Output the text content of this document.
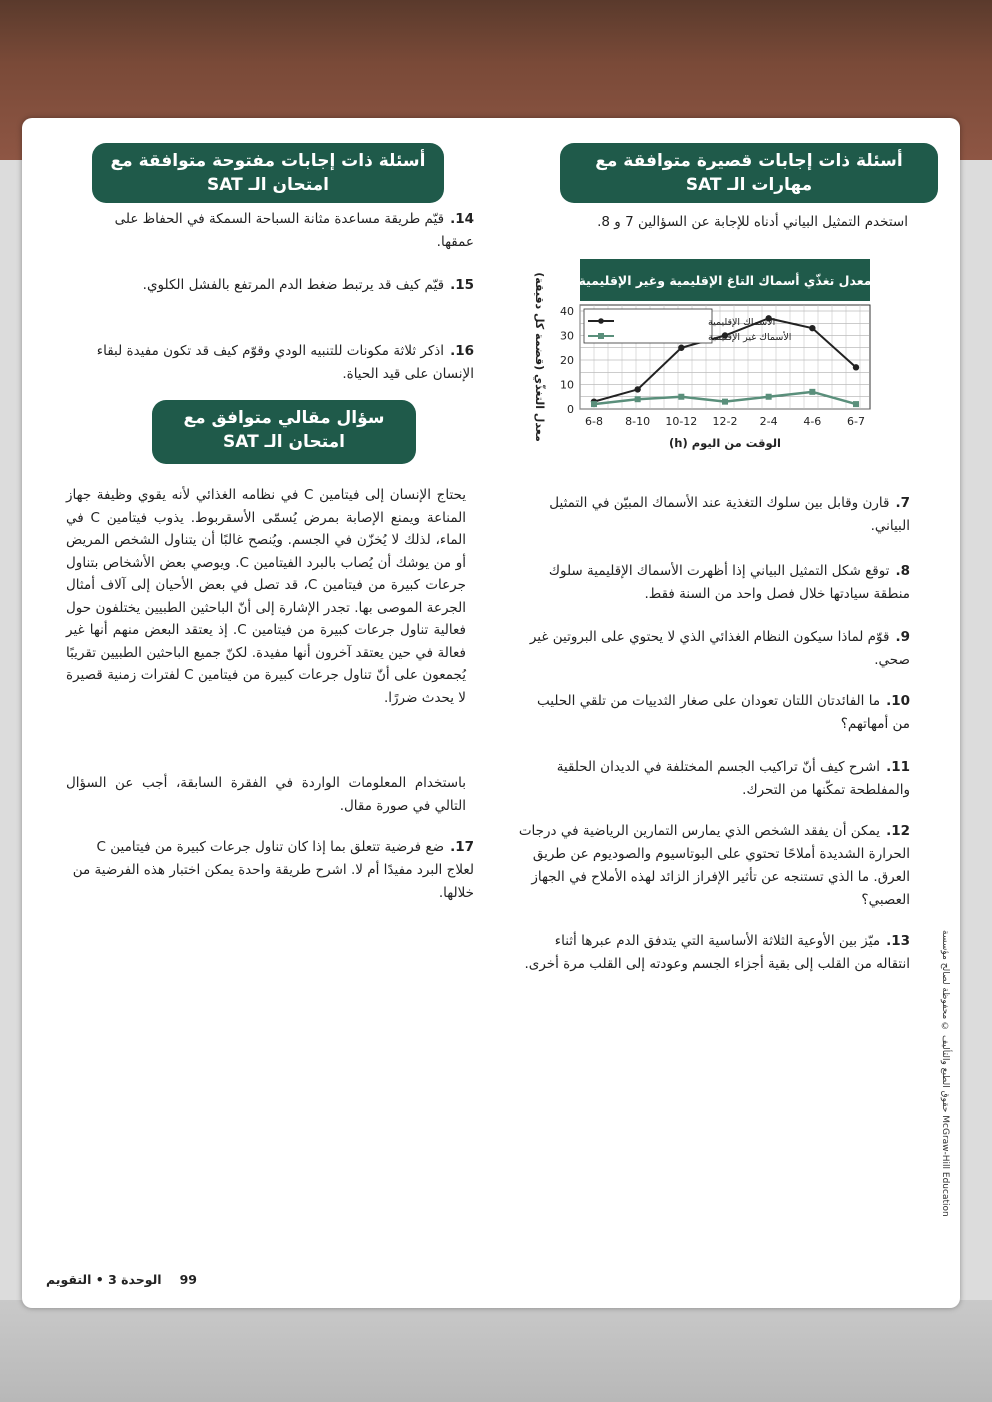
أسئلة ذات إجابات قصيرة متوافقة مع مهارات الـ SAT
أسئلة ذات إجابات مفتوحة متوافقة مع امتحان الـ SAT
استخدم التمثيل البياني أدناه للإجابة عن السؤالين 7 و 8.
معدل تغذّي أسماك التاغ الإقليمية وغير الإقليمية
0
10
20
30
40
6-8 8-10 10-12 12-2 2-4 4-6 6-7
الوقت من اليوم (h)
معدل التغذّي (قضمة كل دقيقة)	الأسماك الإقليمية
الأسماك غير الإقليمية
7.قارن وقابل بين سلوك التغذية عند الأسماك المبيّن في التمثيل البياني.
8.توقع شكل التمثيل البياني إذا أظهرت الأسماك الإقليمية سلوك منطقة سيادتها خلال فصل واحد من السنة فقط.
9.قوّم لماذا سيكون النظام الغذائي الذي لا يحتوي على البروتين غير صحي.
10.ما الفائدتان اللتان تعودان على صغار الثدييات من تلقي الحليب من أمهاتهم؟
11.اشرح كيف أنّ تراكيب الجسم المختلفة في الديدان الحلقية والمفلطحة تمكّنها من التحرك.
12.يمكن أن يفقد الشخص الذي يمارس التمارين الرياضية في درجات الحرارة الشديدة أملاحًا تحتوي على البوتاسيوم والصوديوم عن طريق العرق. ما الذي تستنجه عن تأثير الإفراز الزائد لهذه الأملاح في الجهاز العصبي؟
13.ميّز بين الأوعية الثلاثة الأساسية التي يتدفق الدم عبرها أثناء انتقاله من القلب إلى بقية أجزاء الجسم وعودته إلى القلب مرة أخرى.
14.قيّم طريقة مساعدة مثانة السباحة السمكة في الحفاظ على عمقها.
15.قيّم كيف قد يرتبط ضغط الدم المرتفع بالفشل الكلوي.
16.اذكر ثلاثة مكونات للتنبيه الودي وقوّم كيف قد تكون مفيدة لبقاء الإنسان على قيد الحياة.
سؤال مقالي متوافق مع امتحان الـ SAT
يحتاج الإنسان إلى فيتامين C في نظامه الغذائي لأنه يقوي وظيفة جهاز المناعة ويمنع الإصابة بمرض يُسمّى الأسقربوط. يذوب فيتامين C في الماء، لذلك لا يُخزّن في الجسم. ويُنصح غالبًا أن يتناول الشخص المريض أو من يوشك أن يُصاب بالبرد الفيتامين C. ويوصي بعض الأشخاص بتناول جرعات كبيرة من فيتامين C، قد تصل في بعض الأحيان إلى آلاف أمثال الجرعة الموصى بها. تجدر الإشارة إلى أنّ الباحثين الطبيين يختلفون حول فعالية تناول جرعات كبيرة من فيتامين C. إذ يعتقد البعض منهم أنها غير فعالة في حين يعتقد آخرون أنها مفيدة. لكنّ جميع الباحثين الطبيين تقريبًا يُجمعون على أنّ تناول جرعات كبيرة من فيتامين C لفترات زمنية قصيرة لا يحدث ضررًا.
باستخدام المعلومات الواردة في الفقرة السابقة، أجب عن السؤال التالي في صورة مقال.
17.ضع فرضية تتعلق بما إذا كان تناول جرعات كبيرة من فيتامين C لعلاج البرد مفيدًا أم لا. اشرح طريقة واحدة يمكن اختبار هذه الفرضية من خلالها.
حقوق الطبع والتأليف © محفوظة لصالح مؤسسة McGraw-Hill Education
99  الوحدة 3 • التقويم
